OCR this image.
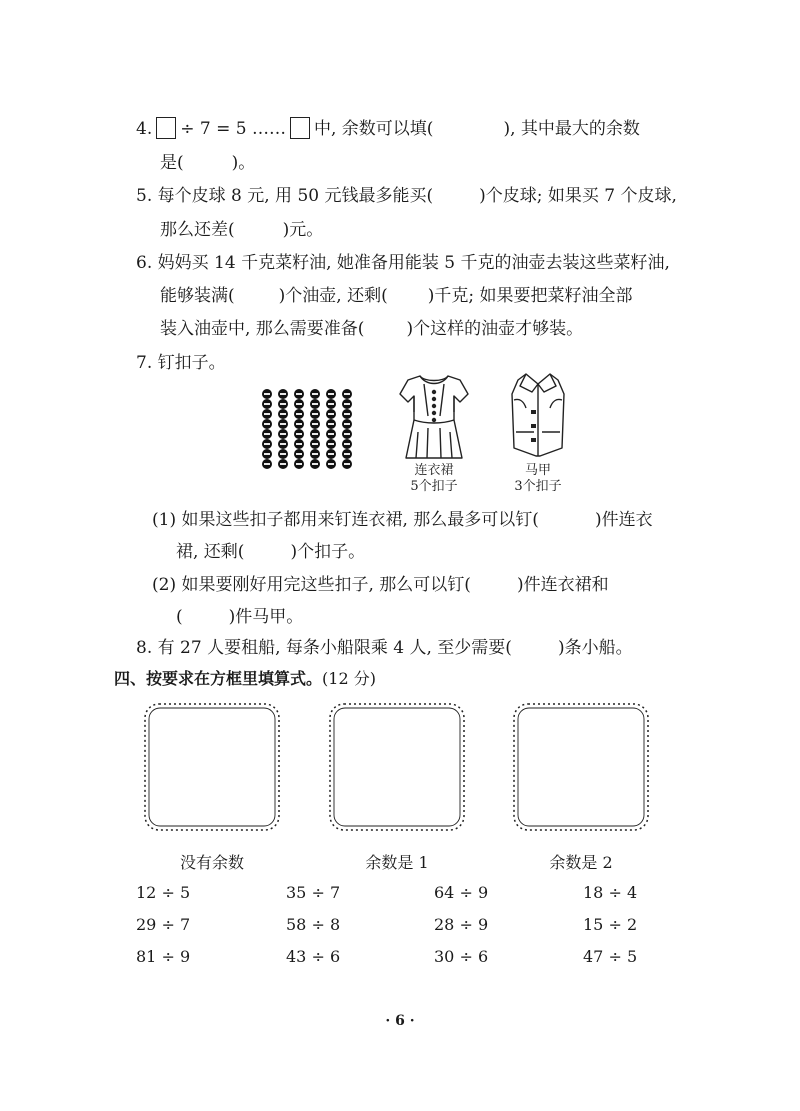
4. ÷ 7 = 5 …… 中, 余数可以填(	), 其中最大的余数
是(	)。
5. 每个皮球 8 元, 用 50 元钱最多能买(	)个皮球; 如果买 7 个皮球,
那么还差(	)元。
6. 妈妈买 14 千克菜籽油, 她准备用能装 5 千克的油壶去装这些菜籽油,
能够装满(	)个油壶, 还剩( )千克; 如果要把菜籽油全部
装入油壶中, 那么需要准备( )个这样的油壶才够装。
7. 钉扣子。
连衣裙
5个扣子
马甲
3个扣子
(1) 如果这些扣子都用来钉连衣裙, 那么最多可以钉(	)件连衣
裙, 还剩(	)个扣子。
(2) 如果要刚好用完这些扣子, 那么可以钉(	)件连衣裙和
(	)件马甲。
8. 有 27 人要租船, 每条小船限乘 4 人, 至少需要(	)条小船。
四、按要求在方框里填算式。(12 分)
没有余数	余数是 1	余数是 2
12 ÷ 5	35 ÷ 7	64 ÷ 9	18 ÷ 4
29 ÷ 7	58 ÷ 8	28 ÷ 9	15 ÷ 2
81 ÷ 9	43 ÷ 6	30 ÷ 6	47 ÷ 5
· 6 ·
